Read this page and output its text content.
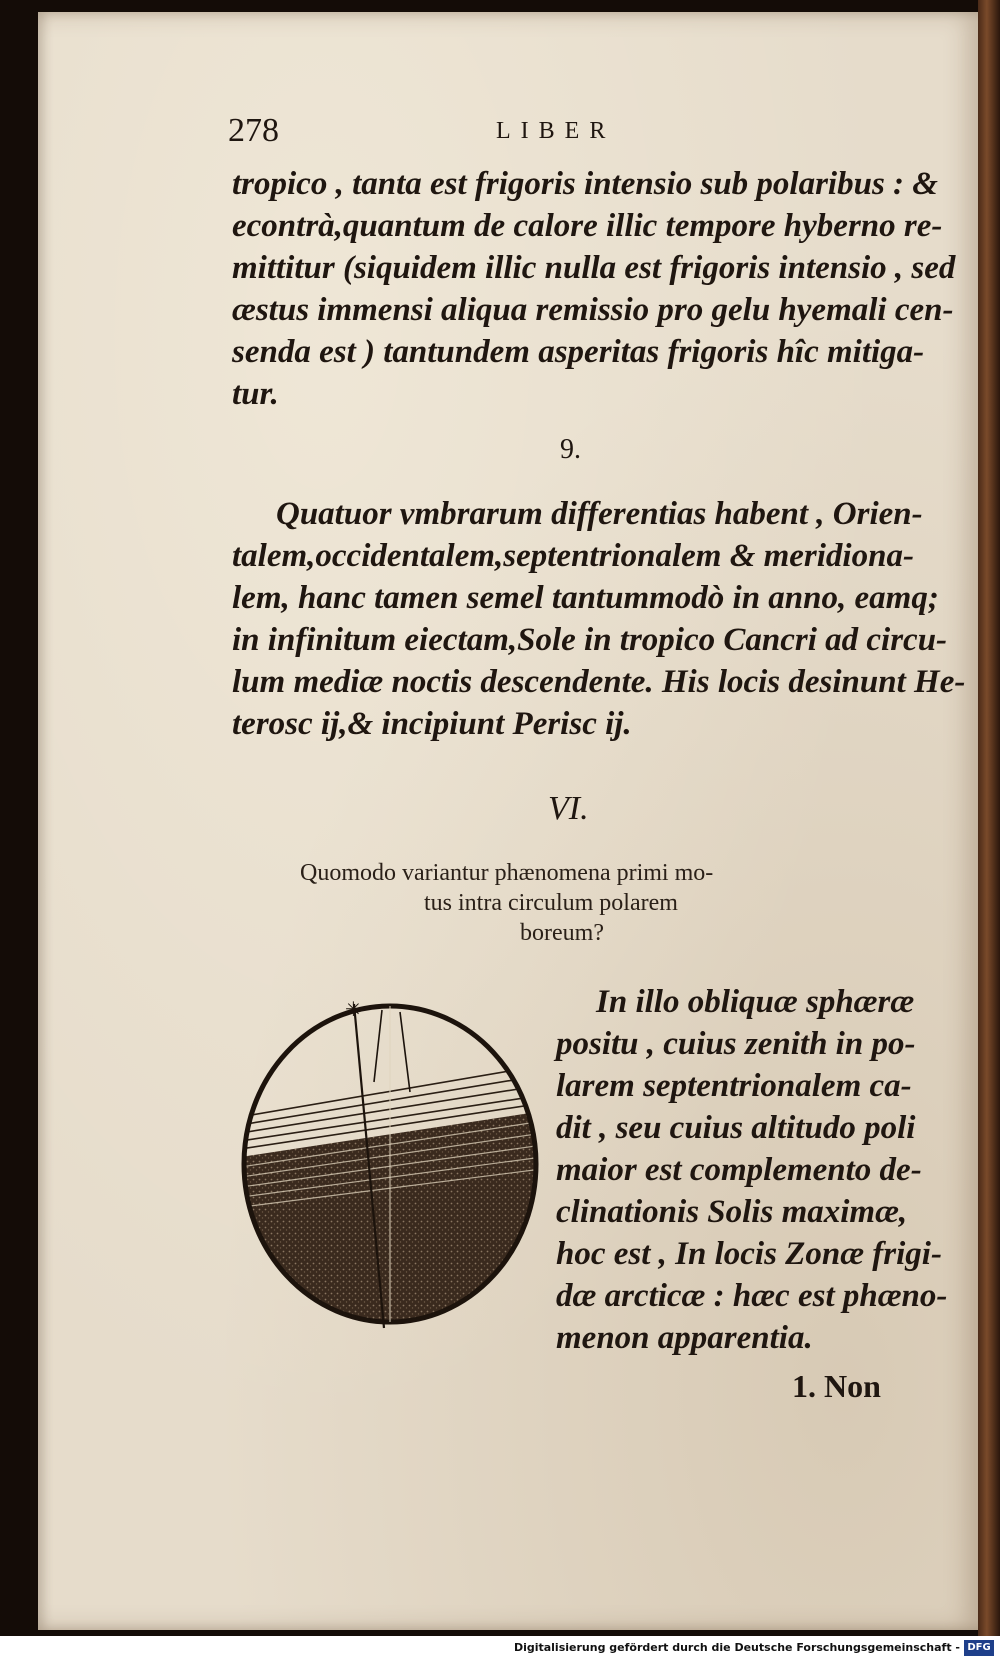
278	LIBER
tropico , tanta est frigoris intensio sub polaribus : &
econtrà,quantum de calore illic tempore hyberno re-
mittitur (siquidem illic nulla est frigoris intensio , sed
æstus immensi aliqua remissio pro gelu hyemali cen-
senda est ) tantundem asperitas frigoris hîc mitiga-
tur.
9.
Quatuor vmbrarum differentias habent , Orien-
talem,occidentalem,septentrionalem & meridiona-
lem, hanc tamen semel tantummodò in anno, eamq;
in infinitum eiectam,Sole in tropico Cancri ad circu-
lum mediæ noctis descendente. His locis desinunt He-
terosc ij,& incipiunt Perisc ij.
VI.
Quomodo variantur phænomena primi mo-
tus intra circulum polarem
boreum?
✳	In illo obliquæ sphæræ
positu , cuius zenith in po-
larem septentrionalem ca-
dit , seu cuius altitudo poli
maior est complemento de-
clinationis Solis maximæ,
hoc est , In locis Zonæ frigi-
dæ arcticæ : hæc est phæno-
menon apparentia.
1. Non
Digitalisierung gefördert durch die Deutsche Forschungsgemeinschaft - DFG
